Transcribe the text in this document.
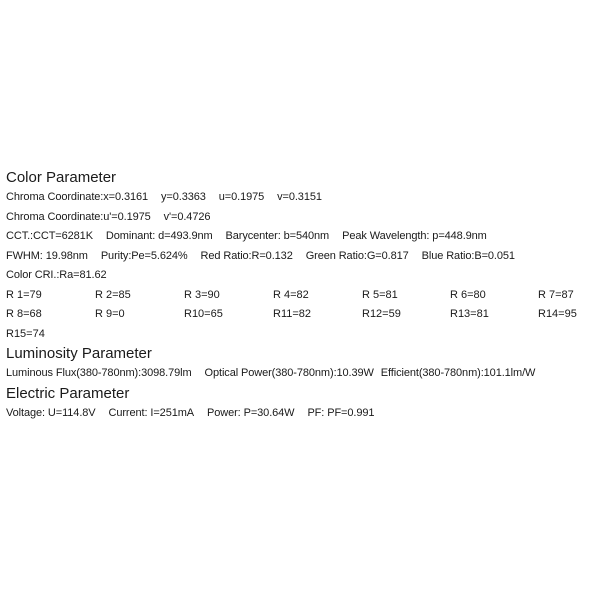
Color Parameter
Chroma Coordinate:x=0.3161 y=0.3363 u=0.1975 v=0.3151
Chroma Coordinate:u'=0.1975 v'=0.4726
CCT.:CCT=6281K Dominant: d=493.9nm Barycenter: b=540nm Peak Wavelength: p=448.9nm
FWHM: 19.98nm Purity:Pe=5.624% Red Ratio:R=0.132 Green Ratio:G=0.817 Blue Ratio:B=0.051
Color CRI.:Ra=81.62
R 1=79	R 2=85	R 3=90	R 4=82	R 5=81	R 6=80	R 7=87
R 8=68	R 9=0	R10=65	R11=82	R12=59	R13=81	R14=95
R15=74
Luminosity Parameter
Luminous Flux(380-780nm):3098.79lm Optical Power(380-780nm):10.39W Efficient(380-780nm):101.1lm/W
Electric Parameter
Voltage: U=114.8V Current: I=251mA Power: P=30.64W PF: PF=0.991
